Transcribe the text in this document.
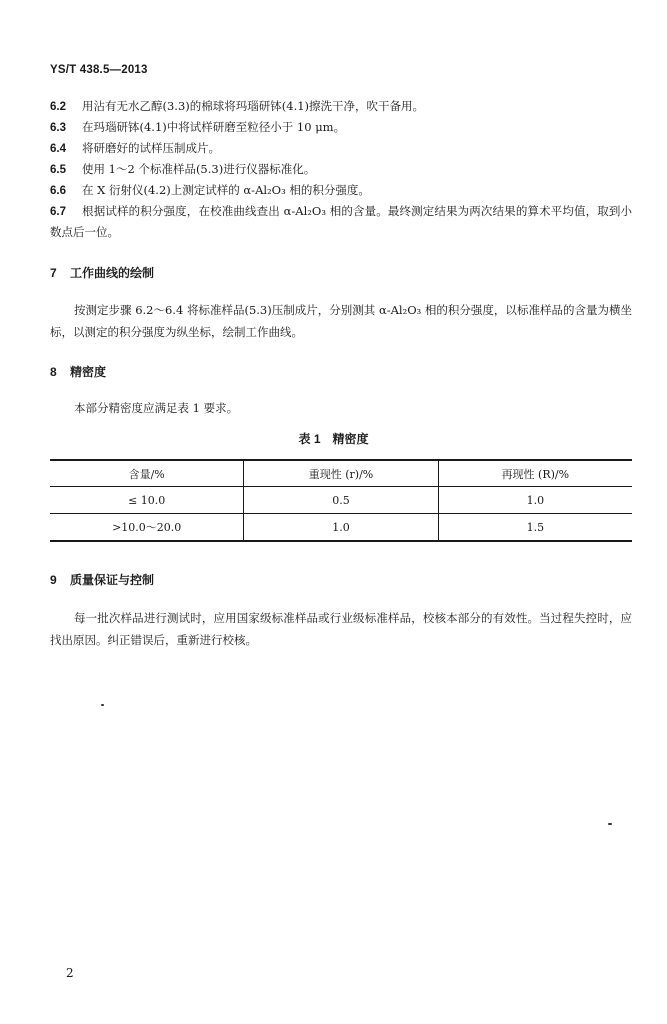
YS/T 438.5—2013
6.2 用沾有无水乙醇(3.3)的棉球将玛瑙研钵(4.1)擦洗干净，吹干备用。
6.3 在玛瑙研钵(4.1)中将试样研磨至粒径小于 10 μm。
6.4 将研磨好的试样压制成片。
6.5 使用 1～2 个标准样品(5.3)进行仪器标准化。
6.6 在 X 衍射仪(4.2)上测定试样的 α-Al₂O₃ 相的积分强度。
6.7 根据试样的积分强度，在校准曲线查出 α-Al₂O₃ 相的含量。最终测定结果为两次结果的算术平均值，取到小数点后一位。
7 工作曲线的绘制
按测定步骤 6.2～6.4 将标准样品(5.3)压制成片，分别测其 α-Al₂O₃ 相的积分强度，以标准样品的含量为横坐标，以测定的积分强度为纵坐标，绘制工作曲线。
8 精密度
本部分精密度应满足表 1 要求。
表 1　精密度
含量/%	重现性 (r)/%	再现性 (R)/%
≤ 10.0	0.5	1.0
>10.0～20.0	1.0	1.5
9 质量保证与控制
每一批次样品进行测试时，应用国家级标准样品或行业级标准样品，校核本部分的有效性。当过程失控时，应找出原因。纠正错误后，重新进行校核。
2
